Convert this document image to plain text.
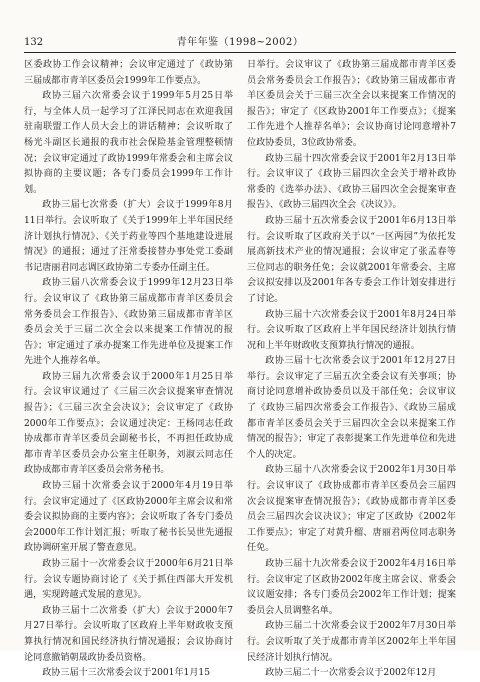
132	青年年鉴（1998~2002）

区委政协工作会议精神；会议审定通过了《政协第三届成都市青羊区委员会1999年工作要点》。

政协三届六次常委会议于1999年5月25日举行，与全体人员一起学习了江泽民同志在欢迎我国驻南联盟工作人员大会上的讲话精神；会议听取了杨光斗副区长通报的我市社会保险基金管理整顿情况；会议审定通过了政协1999年常委会和主席会议拟协商的主要议题；各专门委员会1999年工作计划。

政协三届七次常委（扩大）会议于1999年8月11日举行。会议听取了《关于1999年上半年国民经济计划执行情况》、《关于药业等四个基地建设进展情况》的通报；通过了汪常委接替办事处党工委副书记唐丽君同志调区政协第二专委办任副主任。

政协三届八次常委会议于1999年12月23日举行。会议审议了《政协第三届成都市青羊区委员会常务委员会工作报告》、《政协第三届成都市青羊区委员会关于三届二次全会以来提案工作情况的报告》；审定通过了承办提案工作先进单位及提案工作先进个人推荐名单。

政协三届九次常委会议于2000年1月25日举行。会议审议通过了《三届三次会议提案审查情况报告》；《三届三次全会决议》；会议审定了《政协2000年工作要点》；会议通过决定：王杨同志任政协成都市青羊区委员会副秘书长，不再担任政协成都市青羊区委员会办公室主任职务，刘淑云同志任政协成都市青羊区委员会常务秘书。

政协三届十次常委会议于2000年4月19日举行。会议审定通过了《区政协2000年主席会议和常委会议拟协商的主要内容》；会议听取了各专门委员会2000年工作计划汇报；听取了秘书长吴世先通报政协调研室开展了警查意见。

政协三届十一次常委会议于2000年6月21日举行。会议专题协商讨论了《关于抓住西部大开发机遇，实现跨越式发展的意见》。

政协三届十二次常委（扩大）会议于2000年7月27日举行。会议听取了区政府上半年财政收支预算执行情况和国民经济执行情况通报；会议协商讨论同意撤销朝晟政协委员资格。

政协三届十三次常委会议于2001年1月15

日举行。会议审议了《政协第三届成都市青羊区委员会常务委员会工作报告》；《政协第三届成都市青羊区委员会关于三届三次全会以来提案工作情况的报告》；审定了《区政协2001年工作要点》；《提案工作先进个人推荐名单》；会议协商讨论同意增补7位政协委员，3位政协常委。

政协三届十四次常委会议于2001年2月13日举行。会议审议了《政协三届四次全会关于增补政协常委的《选举办法》、《政协三届四次全会提案审查报告》、《政协三届四次全会《决议》》。

政协三届十五次常委会议于2001年6月13日举行。会议听取了区政府关于以“一区两园”为依托发展高新技术产业的情况通报；会议审定了张孟春等三位同志的职务任免；会议就2001年常委会、主席会议拟安排以及2001年各专委会工作计划安排进行了讨论。

政协三届十六次常委会议于2001年8月24日举行。会议听取了区政府上半年国民经济计划执行情况和上半年财政收支预算执行情况的通报。

政协三届十七次常委会议于2001年12月27日举行。会议审定了三届五次全委会议有关事项；协商讨论同意增补政协委员以及干部任免；会议审议了《政协三届四次常委会工作报告》、《政协三届成都市青羊区委员会关于三届四次全会以来提案工作情况的报告》；审定了表彰提案工作先进单位和先进个人的决定。

政协三届十八次常委会议于2002年1月30日举行。会议审议了《政协成都市青羊区委员会三届四次会议提案审查情况报告》；《政协成都市青羊区委员会三届四次会议决议》；审定了区政协《2002年工作要点》；审定了对黄升榴、唐丽君两位同志职务任免。

政协三届十九次常委会议于2002年4月16日举行。会议审定了区政协2002年度主席会议、常委会议议题安排；各专门委员会2002年工作计划；提案委员会人员调整名单。

政协三届二十次常委会议于2002年7月30日举行。会议听取了关于成都市青羊区2002年上半年国民经济计划执行情况。

政协三届二十一次常委会议于2002年12月
